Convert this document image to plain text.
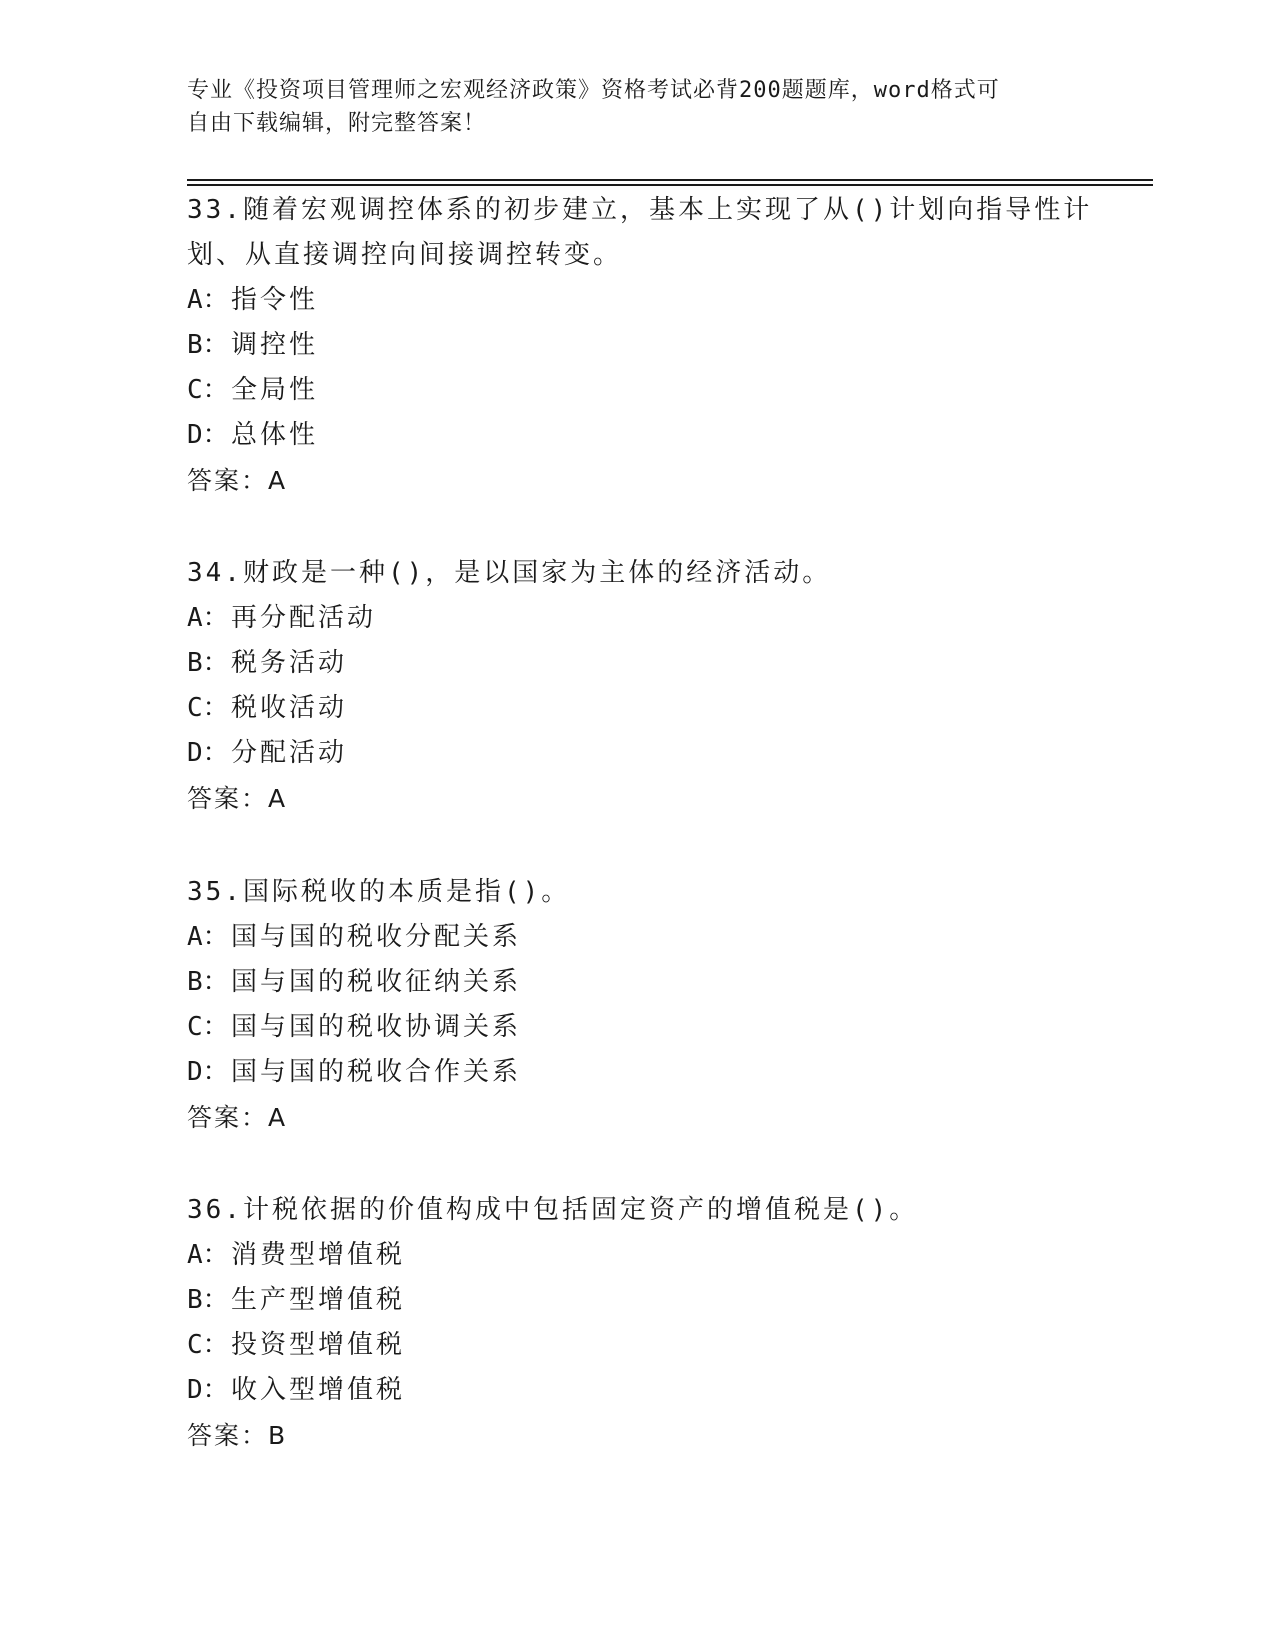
专业《投资项目管理师之宏观经济政策》资格考试必背200题题库，word格式可
自由下载编辑，附完整答案！
33.随着宏观调控体系的初步建立，基本上实现了从()计划向指导性计
划、从直接调控向间接调控转变。
A： 指令性
B： 调控性
C： 全局性
D： 总体性
答案：A
34.财政是一种()，是以国家为主体的经济活动。
A： 再分配活动
B： 税务活动
C： 税收活动
D： 分配活动
答案：A
35.国际税收的本质是指()。
A： 国与国的税收分配关系
B： 国与国的税收征纳关系
C： 国与国的税收协调关系
D： 国与国的税收合作关系
答案：A
36.计税依据的价值构成中包括固定资产的增值税是()。
A： 消费型增值税
B： 生产型增值税
C： 投资型增值税
D： 收入型增值税
答案：B
